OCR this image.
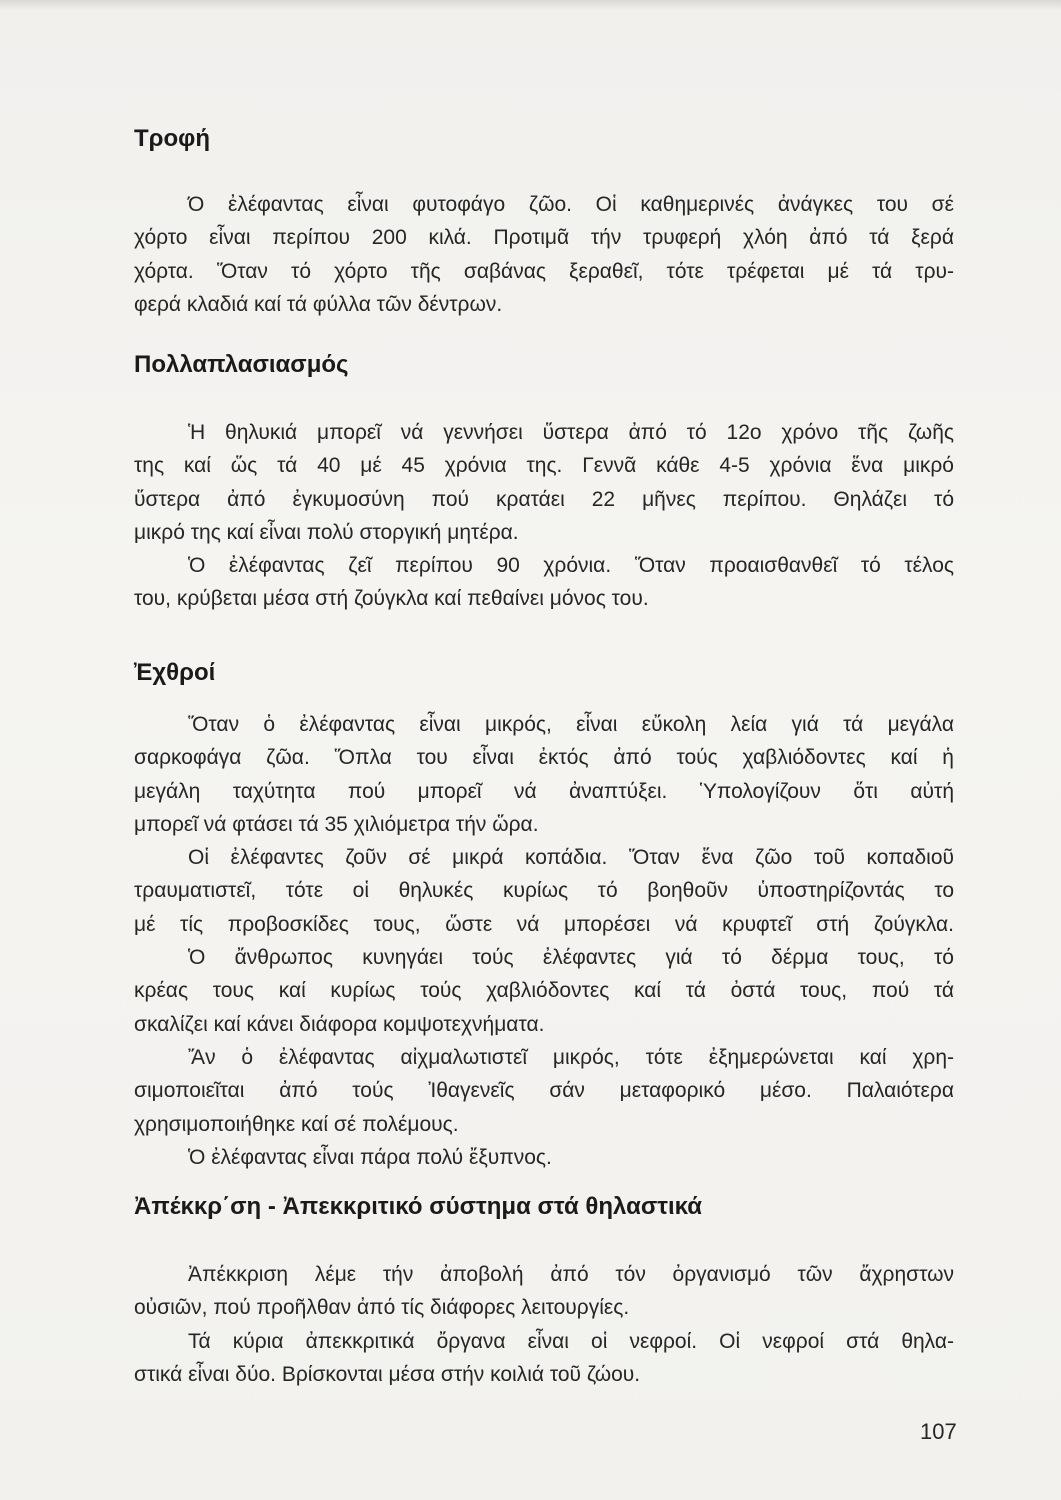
Τροφή
Ό ἐλέφαντας εἶναι φυτοφάγο ζῶο. Οἱ καθημερινές ἀνάγκες του σέ
χόρτο εἶναι περίπου 200 κιλά. Προτιμᾶ τήν τρυφερή χλόη ἀπό τά ξερά
χόρτα. Ὅταν τό χόρτο τῆς σαβάνας ξεραθεῖ, τότε τρέφεται μέ τά τρυ-
φερά κλαδιά καί τά φύλλα τῶν δέντρων.
Πολλαπλασιασμός
Ἡ θηλυκιά μπορεῖ νά γεννήσει ὕστερα ἀπό τό 12ο χρόνο τῆς ζωῆς
της καί ὥς τά 40 μέ 45 χρόνια της. Γεννᾶ κάθε 4-5 χρόνια ἕνα μικρό
ὕστερα ἀπό ἐγκυμοσύνη πού κρατάει 22 μῆνες περίπου. Θηλάζει τό
μικρό της καί εἶναι πολύ στοργική μητέρα.
Ὁ ἐλέφαντας ζεῖ περίπου 90 χρόνια. Ὅταν προαισθανθεῖ τό τέλος
του, κρύβεται μέσα στή ζούγκλα καί πεθαίνει μόνος του.
Ἐχθροί
Ὅταν ὁ ἐλέφαντας εἶναι μικρός, εἶναι εὔκολη λεία γιά τά μεγάλα
σαρκοφάγα ζῶα. Ὅπλα του εἶναι ἐκτός ἀπό τούς χαβλιόδοντες καί ἡ
μεγάλη ταχύτητα πού μπορεῖ νά ἀναπτύξει. Ὑπολογίζουν ὅτι αὐτή
μπορεῖ νά φτάσει τά 35 χιλιόμετρα τήν ὥρα.
Οἱ ἐλέφαντες ζοῦν σέ μικρά κοπάδια. Ὅταν ἕνα ζῶο τοῦ κοπαδιοῦ
τραυματιστεῖ, τότε οἱ θηλυκές κυρίως τό βοηθοῦν ὑποστηρίζοντάς το
μέ τίς προβοσκίδες τους, ὥστε νά μπορέσει νά κρυφτεῖ στή ζούγκλα.
Ὁ ἄνθρωπος κυνηγάει τούς ἐλέφαντες γιά τό δέρμα τους, τό
κρέας τους καί κυρίως τούς χαβλιόδοντες καί τά ὀστά τους, πού τά
σκαλίζει καί κάνει διάφορα κομψοτεχνήματα.
Ἄν ὁ ἐλέφαντας αἰχμαλωτιστεῖ μικρός, τότε ἐξημερώνεται καί χρη-
σιμοποιεῖται ἀπό τούς Ἰθαγενεῖς σάν μεταφορικό μέσο. Παλαιότερα
χρησιμοποιήθηκε καί σέ πολέμους.
Ὁ ἐλέφαντας εἶναι πάρα πολύ ἔξυπνος.
Ἀπέκκρ΄ση - Ἀπεκκριτικό σύστημα στά θηλαστικά
Ἀπέκκριση λέμε τήν ἀποβολή ἀπό τόν ὀργανισμό τῶν ἄχρηστων
οὐσιῶν, πού προῆλθαν ἀπό τίς διάφορες λειτουργίες.
Τά κύρια ἀπεκκριτικά ὄργανα εἶναι οἱ νεφροί. Οἱ νεφροί στά θηλα-
στικά εἶναι δύο. Βρίσκονται μέσα στήν κοιλιά τοῦ ζώου.
107
